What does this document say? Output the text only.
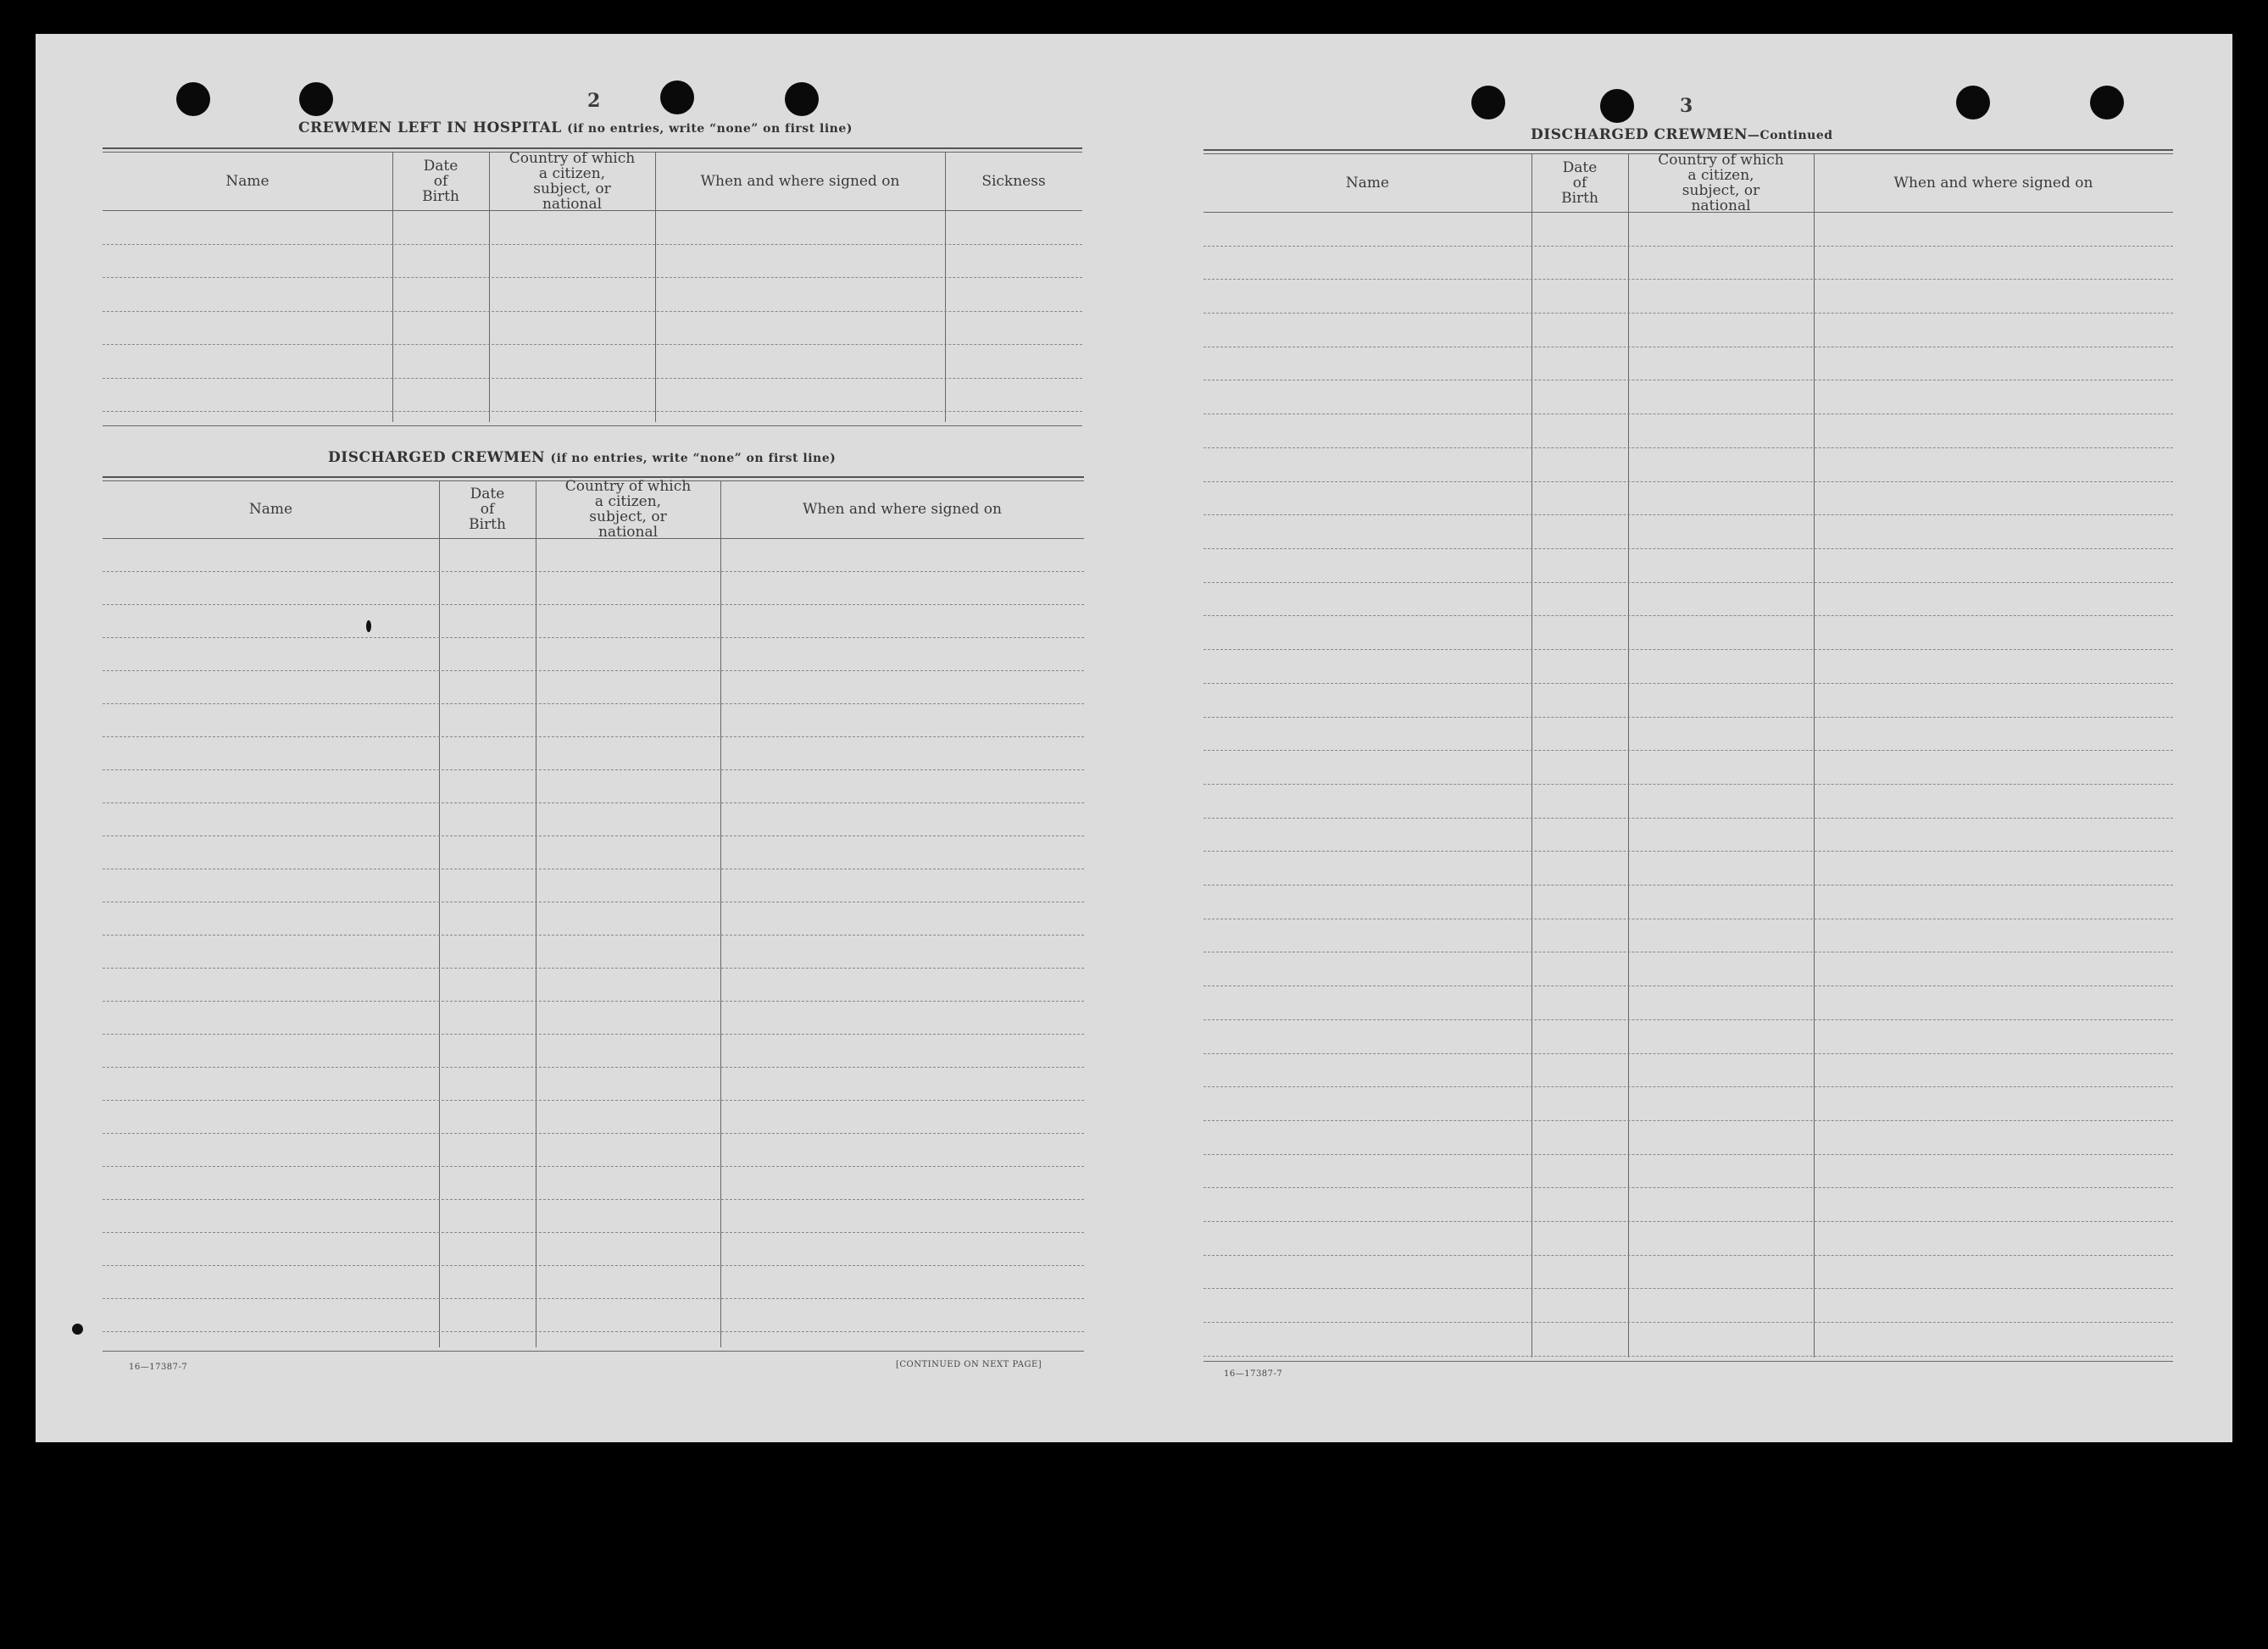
2
CREWMEN LEFT IN HOSPITAL (if no entries, write “none” on first line)
DISCHARGED CREWMEN (if no entries, write “none” on first line)
16—17387-7	[CONTINUED ON NEXT PAGE]
3
DISCHARGED CREWMEN—Continued
16—17387-7
Name
Date
of
Birth
Country of which
a citizen,
subject, or
national
When and where signed on	Sickness
Name
Date
of
Birth
Country of which
a citizen,
subject, or
national
When and where signed on
Name
Date
of
Birth
Country of which
a citizen,
subject, or
national
When and where signed on
